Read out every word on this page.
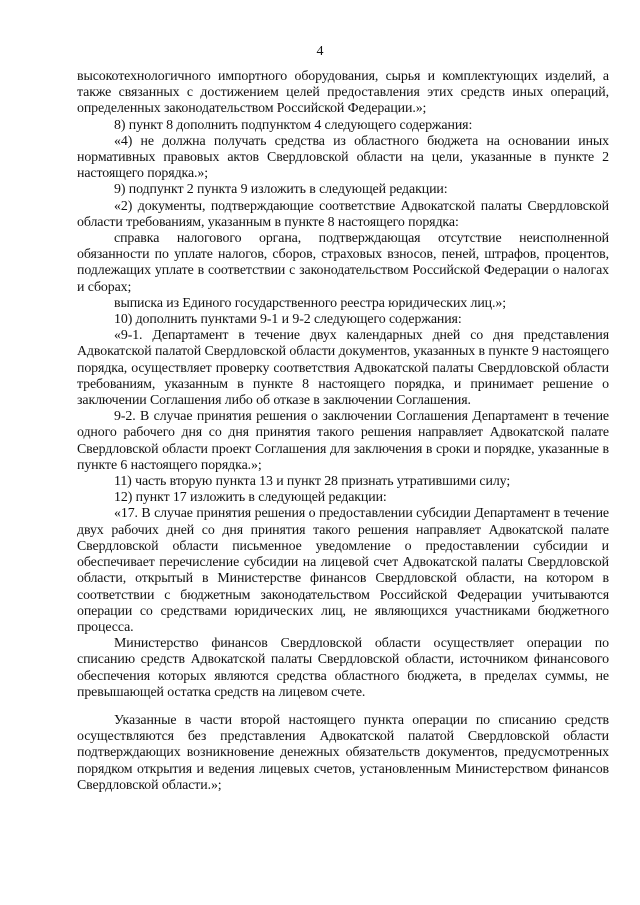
4

высокотехнологичного импортного оборудования, сырья и комплектующих изделий, а также связанных с достижением целей предоставления этих средств иных операций, определенных законодательством Российской Федерации.»;

8) пункт 8 дополнить подпунктом 4 следующего содержания:

«4) не должна получать средства из областного бюджета на основании иных нормативных правовых актов Свердловской области на цели, указанные в пункте 2 настоящего порядка.»;

9) подпункт 2 пункта 9 изложить в следующей редакции:

«2) документы, подтверждающие соответствие Адвокатской палаты Свердловской области требованиям, указанным в пункте 8 настоящего порядка:

справка налогового органа, подтверждающая отсутствие неисполненной обязанности по уплате налогов, сборов, страховых взносов, пеней, штрафов, процентов, подлежащих уплате в соответствии с законодательством Российской Федерации о налогах и сборах;

выписка из Единого государственного реестра юридических лиц.»;

10) дополнить пунктами 9-1 и 9-2 следующего содержания:

«9-1. Департамент в течение двух календарных дней со дня представления Адвокатской палатой Свердловской области документов, указанных в пункте 9 настоящего порядка, осуществляет проверку соответствия Адвокатской палаты Свердловской области требованиям, указанным в пункте 8 настоящего порядка, и принимает решение о заключении Соглашения либо об отказе в заключении Соглашения.

9-2. В случае принятия решения о заключении Соглашения Департамент в течение одного рабочего дня со дня принятия такого решения направляет Адвокатской палате Свердловской области проект Соглашения для заключения в сроки и порядке, указанные в пункте 6 настоящего порядка.»;

11) часть вторую пункта 13 и пункт 28 признать утратившими силу;

12) пункт 17 изложить в следующей редакции:

«17. В случае принятия решения о предоставлении субсидии Департамент в течение двух рабочих дней со дня принятия такого решения направляет Адвокатской палате Свердловской области письменное уведомление о предоставлении субсидии и обеспечивает перечисление субсидии на лицевой счет Адвокатской палаты Свердловской области, открытый в Министерстве финансов Свердловской области, на котором в соответствии с бюджетным законодательством Российской Федерации учитываются операции со средствами юридических лиц, не являющихся участниками бюджетного процесса.

Министерство финансов Свердловской области осуществляет операции по списанию средств Адвокатской палаты Свердловской области, источником финансового обеспечения которых являются средства областного бюджета, в пределах суммы, не превышающей остатка средств на лицевом счете.

Указанные в части второй настоящего пункта операции по списанию средств осуществляются без представления Адвокатской палатой Свердловской области подтверждающих возникновение денежных обязательств документов, предусмотренных порядком открытия и ведения лицевых счетов, установленным Министерством финансов Свердловской области.»;
